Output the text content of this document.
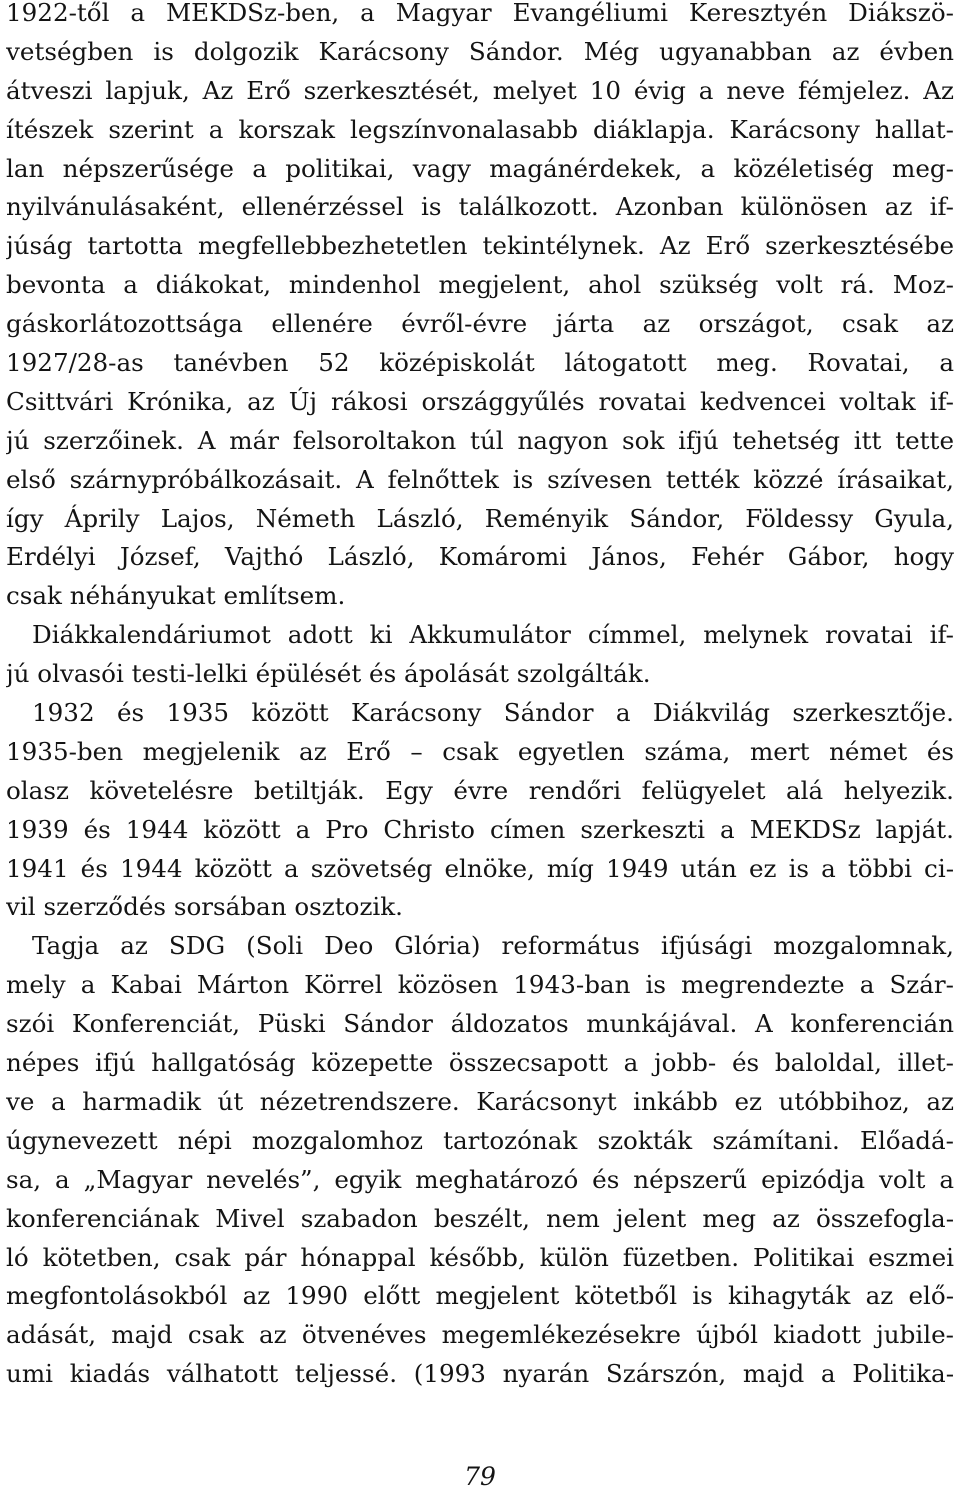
1922-től a MEKDSz-ben, a Magyar Evangéliumi Keresztyén Diákszö-
vetségben is dolgozik Karácsony Sándor. Még ugyanabban az évben
átveszi lapjuk, Az Erő szerkesztését, melyet 10 évig a neve fémjelez. Az
ítészek szerint a korszak legszínvonalasabb diáklapja. Karácsony hallat-
lan népszerűsége a politikai, vagy magánérdekek, a közéletiség meg-
nyilvánulásaként, ellenérzéssel is találkozott. Azonban különösen az if-
júság tartotta megfellebbezhetetlen tekintélynek. Az Erő szerkesztésébe
bevonta a diákokat, mindenhol megjelent, ahol szükség volt rá. Moz-
gáskorlátozottsága ellenére évről-évre járta az országot, csak az
1927/28-as tanévben 52 középiskolát látogatott meg. Rovatai, a
Csittvári Krónika, az Új rákosi országgyűlés rovatai kedvencei voltak if-
jú szerzőinek. A már felsoroltakon túl nagyon sok ifjú tehetség itt tette
első szárnypróbálkozásait. A felnőttek is szívesen tették közzé írásaikat,
így Áprily Lajos, Németh László, Reményik Sándor, Földessy Gyula,
Erdélyi József, Vajthó László, Komáromi János, Fehér Gábor, hogy
csak néhányukat említsem.
Diákkalendáriumot adott ki Akkumulátor címmel, melynek rovatai if-
jú olvasói testi-lelki épülését és ápolását szolgálták.
1932 és 1935 között Karácsony Sándor a Diákvilág szerkesztője.
1935-ben megjelenik az Erő – csak egyetlen száma, mert német és
olasz követelésre betiltják. Egy évre rendőri felügyelet alá helyezik.
1939 és 1944 között a Pro Christo címen szerkeszti a MEKDSz lapját.
1941 és 1944 között a szövetség elnöke, míg 1949 után ez is a többi ci-
vil szerződés sorsában osztozik.
Tagja az SDG (Soli Deo Glória) református ifjúsági mozgalomnak,
mely a Kabai Márton Körrel közösen 1943-ban is megrendezte a Szár-
szói Konferenciát, Püski Sándor áldozatos munkájával. A konferencián
népes ifjú hallgatóság közepette összecsapott a jobb- és baloldal, illet-
ve a harmadik út nézetrendszere. Karácsonyt inkább ez utóbbihoz, az
úgynevezett népi mozgalomhoz tartozónak szokták számítani. Előadá-
sa, a „Magyar nevelés”, egyik meghatározó és népszerű epizódja volt a
konferenciának Mivel szabadon beszélt, nem jelent meg az összefogla-
ló kötetben, csak pár hónappal később, külön füzetben. Politikai eszmei
megfontolásokból az 1990 előtt megjelent kötetből is kihagyták az elő-
adását, majd csak az ötvenéves megemlékezésekre újból kiadott jubile-
umi kiadás válhatott teljessé. (1993 nyarán Szárszón, majd a Politika-
79
